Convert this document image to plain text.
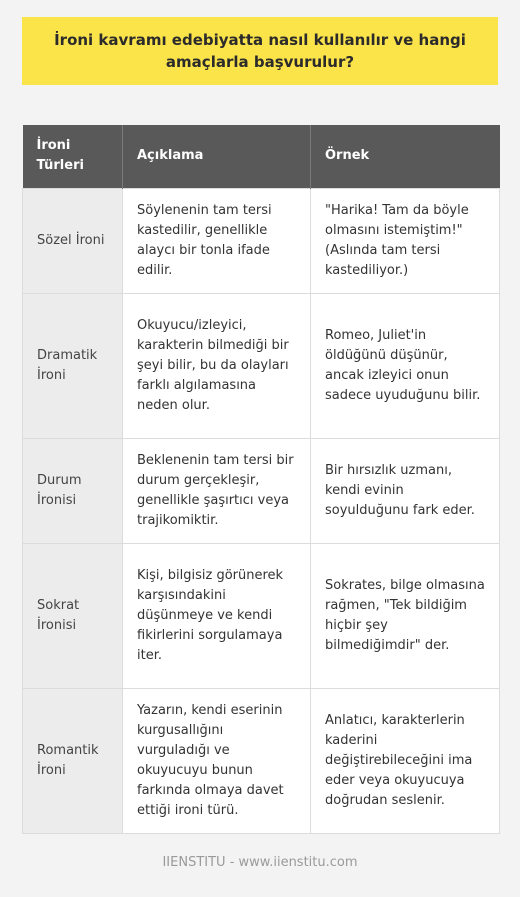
İroni kavramı edebiyatta nasıl kullanılır ve hangi amaçlarla başvurulur?
İroni Türleri	Açıklama	Örnek
Sözel İroni	Söylenenin tam tersi kastedilir, genellikle alaycı bir tonla ifade edilir.	"Harika! Tam da böyle olmasını istemiştim!" (Aslında tam tersi kastediliyor.)
Dramatik İroni	Okuyucu/izleyici, karakterin bilmediği bir şeyi bilir, bu da olayları farklı algılamasına neden olur.	Romeo, Juliet'in öldüğünü düşünür, ancak izleyici onun sadece uyuduğunu bilir.
Durum İronisi	Beklenenin tam tersi bir durum gerçekleşir, genellikle şaşırtıcı veya trajikomiktir.	Bir hırsızlık uzmanı, kendi evinin soyulduğunu fark eder.
Sokrat İronisi	Kişi, bilgisiz görünerek karşısındakini düşünmeye ve kendi fikirlerini sorgulamaya iter.	Sokrates, bilge olmasına rağmen, "Tek bildiğim hiçbir şey bilmediğimdir" der.
Romantik İroni	Yazarın, kendi eserinin kurgusallığını vurguladığı ve okuyucuyu bunun farkında olmaya davet ettiği ironi türü.	Anlatıcı, karakterlerin kaderini değiştirebileceğini ima eder veya okuyucuya doğrudan seslenir.
IIENSTITU - www.iienstitu.com
